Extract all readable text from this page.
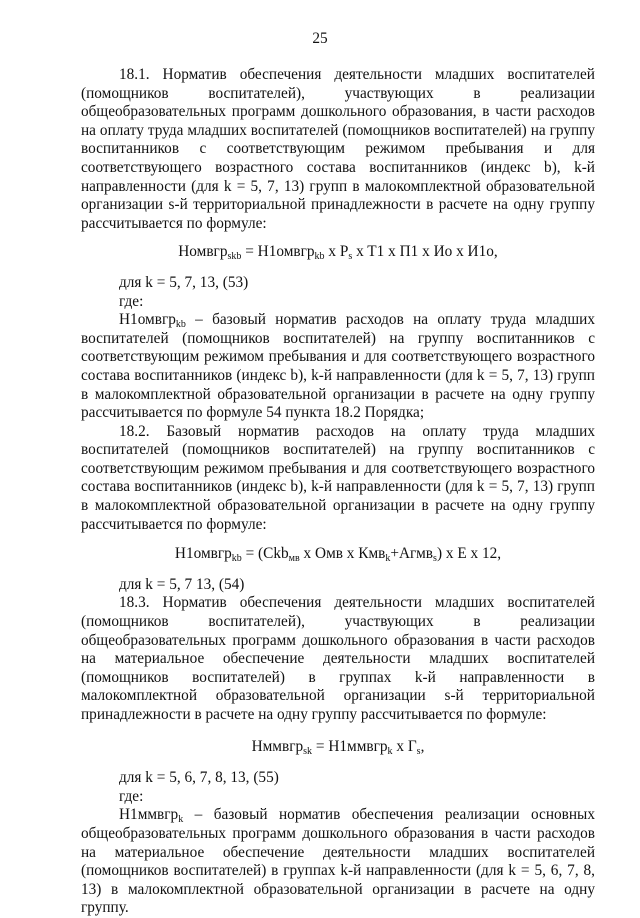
25

18.1. Норматив обеспечения деятельности младших воспитателей (помощников воспитателей), участвующих в реализации общеобразовательных программ дошкольного образования, в части расходов на оплату труда младших воспитателей (помощников воспитателей) на группу воспитанников с соответствующим режимом пребывания и для соответствующего возрастного состава воспитанников (индекс b), k-й направленности (для k = 5, 7, 13) групп в малокомплектной образовательной организации s-й территориальной принадлежности в расчете на одну группу рассчитывается по формуле:

Номвгр$_{skb}$ = Н1омвгр$_{kb}$ x $P_s$ x T1 x П1 x Ио x И1о,

для k = 5, 7, 13, (53)

где:

Н1омвгр$_{kb}$ – базовый норматив расходов на оплату труда младших воспитателей (помощников воспитателей) на группу воспитанников с соответствующим режимом пребывания и для соответствующего возрастного состава воспитанников (индекс b), k-й направленности (для k = 5, 7, 13) групп в малокомплектной образовательной организации в расчете на одну группу рассчитывается по формуле 54 пункта 18.2 Порядка;

18.2. Базовый норматив расходов на оплату труда младших воспитателей (помощников воспитателей) на группу воспитанников с соответствующим режимом пребывания и для соответствующего возрастного состава воспитанников (индекс b), k-й направленности (для k = 5, 7, 13) групп в малокомплектной образовательной организации в расчете на одну группу рассчитывается по формуле:

Н1омвгр$_{kb}$ = (Ckb$_{мв}$ x Омв x Кмв$_k$+Агмв$_s$) x E x 12,

для k = 5, 7 13, (54)

18.3. Норматив обеспечения деятельности младших воспитателей (помощников воспитателей), участвующих в реализации общеобразовательных программ дошкольного образования в части расходов на материальное обеспечение деятельности младших воспитателей (помощников воспитателей) в группах k-й направленности в малокомплектной образовательной организации s-й территориальной принадлежности в расчете на одну группу рассчитывается по формуле:

Нммвгр$_{sk}$ = Н1ммвгр$_k$ x $Г_s$,

для k = 5, 6, 7, 8, 13, (55)

где:

Н1ммвгр$_k$ – базовый норматив обеспечения реализации основных общеобразовательных программ дошкольного образования в части расходов на материальное обеспечение деятельности младших воспитателей (помощников воспитателей) в группах k-й направленности (для k = 5, 6, 7, 8, 13) в малокомплектной образовательной организации в расчете на одну группу.
